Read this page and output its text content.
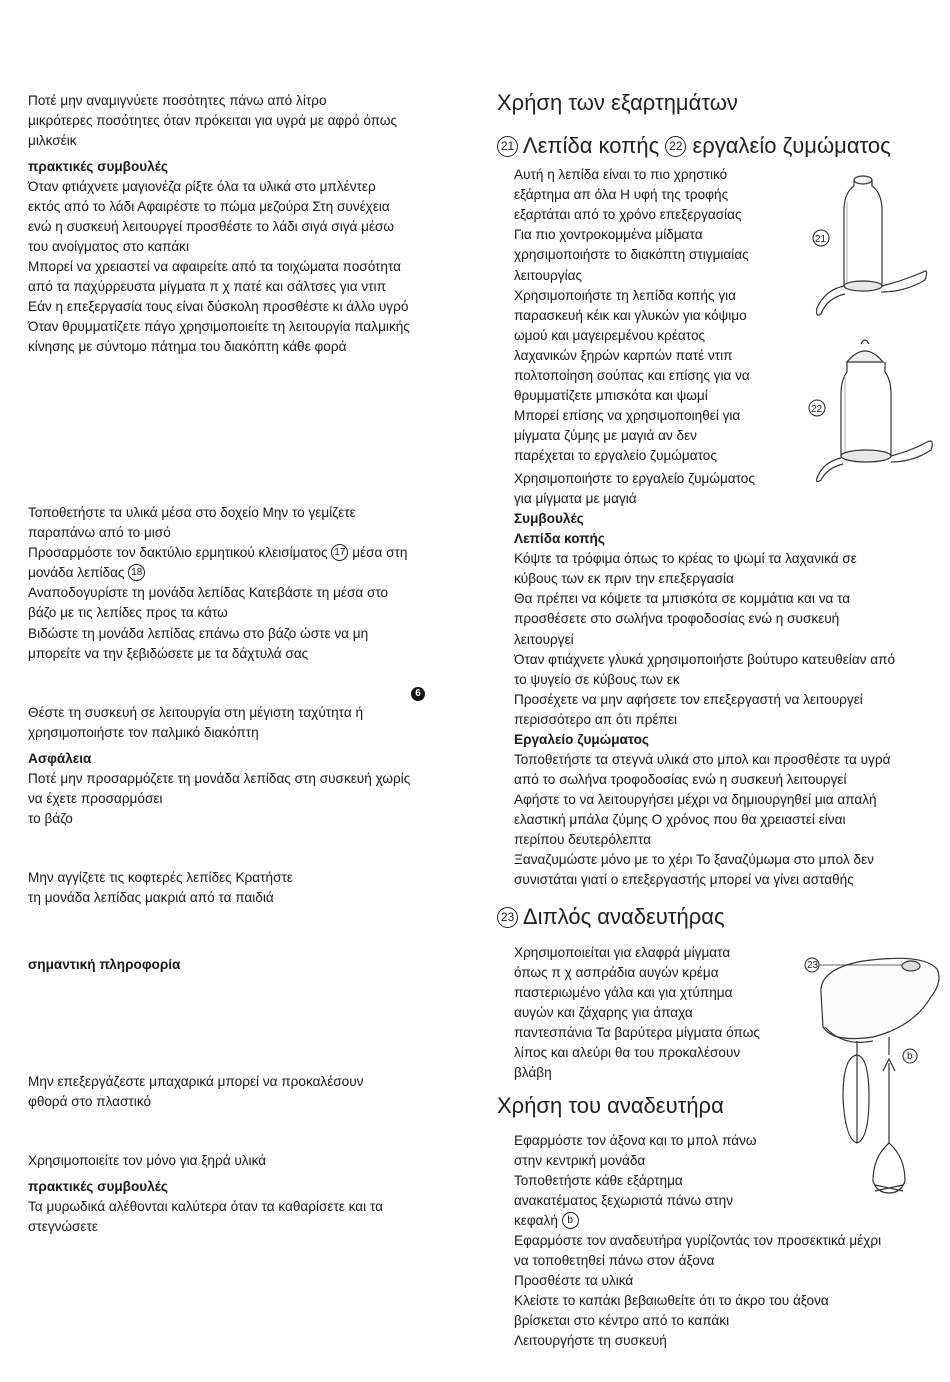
Ποτέ μην αναμιγνύετε ποσότητες πάνω από λίτρο
μικρότερες ποσότητες όταν πρόκειται για υγρά με αφρό όπως
μιλκσέικ
πρακτικές συμβουλές
Όταν φτιάχνετε μαγιονέζα ρίξτε όλα τα υλικά στο μπλέντερ
εκτός από το λάδι Αφαιρέστε το πώμα μεζούρα Στη συνέχεια
ενώ η συσκευή λειτουργεί προσθέστε το λάδι σιγά σιγά μέσω
του ανοίγματος στο καπάκι
Μπορεί να χρειαστεί να αφαιρείτε από τα τοιχώματα ποσότητα
από τα παχύρρευστα μίγματα π χ πατέ και σάλτσες για ντιπ
Εάν η επεξεργασία τους είναι δύσκολη προσθέστε κι άλλο υγρό
Όταν θρυμματίζετε πάγο χρησιμοποιείτε τη λειτουργία παλμικής
κίνησης με σύντομο πάτημα του διακόπτη κάθε φορά
Τοποθετήστε τα υλικά μέσα στο δοχείο Μην το γεμίζετε
παραπάνω από το μισό
Προσαρμόστε τον δακτύλιο ερμητικού κλεισίματος 17 μέσα στη
μονάδα λεπίδας 18
Αναποδογυρίστε τη μονάδα λεπίδας Κατεβάστε τη μέσα στο
βάζο με τις λεπίδες προς τα κάτω
Βιδώστε τη μονάδα λεπίδας επάνω στο βάζο ώστε να μη
μπορείτε να την ξεβιδώσετε με τα δάχτυλά σας
6
Θέστε τη συσκευή σε λειτουργία στη μέγιστη ταχύτητα ή
χρησιμοποιήστε τον παλμικό διακόπτη
Ασφάλεια
Ποτέ μην προσαρμόζετε τη μονάδα λεπίδας στη συσκευή χωρίς
να έχετε προσαρμόσει
το βάζο
Μην αγγίζετε τις κοφτερές λεπίδες Κρατήστε
τη μονάδα λεπίδας μακριά από τα παιδιά
σημαντική πληροφορία
Μην επεξεργάζεστε μπαχαρικά μπορεί να προκαλέσουν
φθορά στο πλαστικό
Χρησιμοποιείτε τον μόνο για ξηρά υλικά
πρακτικές συμβουλές
Τα μυρωδικά αλέθονται καλύτερα όταν τα καθαρίσετε και τα
στεγνώσετε
Χρήση των εξαρτημάτων
21 Λεπίδα κοπής 22 εργαλείο ζυμώματος
Αυτή η λεπίδα είναι το πιο χρηστικό
εξάρτημα απ όλα Η υφή της τροφής
εξαρτάται από το χρόνο επεξεργασίας
Για πιο χοντροκομμένα μίδματα
χρησιμοποιήστε το διακόπτη στιγμιαίας
λειτουργίας
Χρησιμοποιήστε τη λεπίδα κοπής για
παρασκευή κέικ και γλυκών για κόψιμο
ωμού και μαγειρεμένου κρέατος
λαχανικών ξηρών καρπών πατέ ντιπ
πολτοποίηση σούπας και επίσης για να
θρυμματίζετε μπισκότα και ψωμί
Μπορεί επίσης να χρησιμοποιηθεί για
μίγματα ζύμης με μαγιά αν δεν
παρέχεται το εργαλείο ζυμώματος
Χρησιμοποιήστε το εργαλείο ζυμώματος
για μίγματα με μαγιά
Συμβουλές
Λεπίδα κοπής
Κόψτε τα τρόφιμα όπως το κρέας το ψωμί τα λαχανικά σε
κύβους των εκ πριν την επεξεργασία
Θα πρέπει να κόψετε τα μπισκότα σε κομμάτια και να τα
προσθέσετε στο σωλήνα τροφοδοσίας ενώ η συσκευή
λειτουργεί
Όταν φτιάχνετε γλυκά χρησιμοποιήστε βούτυρο κατευθείαν από
το ψυγείο σε κύβους των εκ
Προσέχετε να μην αφήσετε τον επεξεργαστή να λειτουργεί
περισσότερο απ ότι πρέπει
Εργαλείο ζυμώματος
Τοποθετήστε τα στεγνά υλικά στο μπολ και προσθέστε τα υγρά
από το σωλήνα τροφοδοσίας ενώ η συσκευή λειτουργεί
Αφήστε το να λειτουργήσει μέχρι να δημιουργηθεί μια απαλή
ελαστική μπάλα ζύμης Ο χρόνος που θα χρειαστεί είναι
περίπου δευτερόλεπτα
Ξαναζυμώστε μόνο με το χέρι Το ξαναζύμωμα στο μπολ δεν
συνιστάται γιατί ο επεξεργαστής μπορεί να γίνει ασταθής
23 Διπλός αναδευτήρας
Χρησιμοποιείται για ελαφρά μίγματα
όπως π χ ασπράδια αυγών κρέμα
παστεριωμένο γάλα και για χτύπημα
αυγών και ζάχαρης για άπαχα
παντεσπάνια Τα βαρύτερα μίγματα όπως
λίπος και αλεύρι θα του προκαλέσουν
βλάβη
Χρήση του αναδευτήρα
Εφαρμόστε τον άξονα και το μπολ πάνω
στην κεντρική μονάδα
Τοποθετήστε κάθε εξάρτημα
ανακατέματος ξεχωριστά πάνω στην
κεφαλή b
Εφαρμόστε τον αναδευτήρα γυρίζοντάς τον προσεκτικά μέχρι
να τοποθετηθεί πάνω στον άξονα
Προσθέστε τα υλικά
Κλείστε το καπάκι βεβαιωθείτε ότι το άκρο του άξονα
βρίσκεται στο κέντρο από το καπάκι
Λειτουργήστε τη συσκευή
23
b
21
22
